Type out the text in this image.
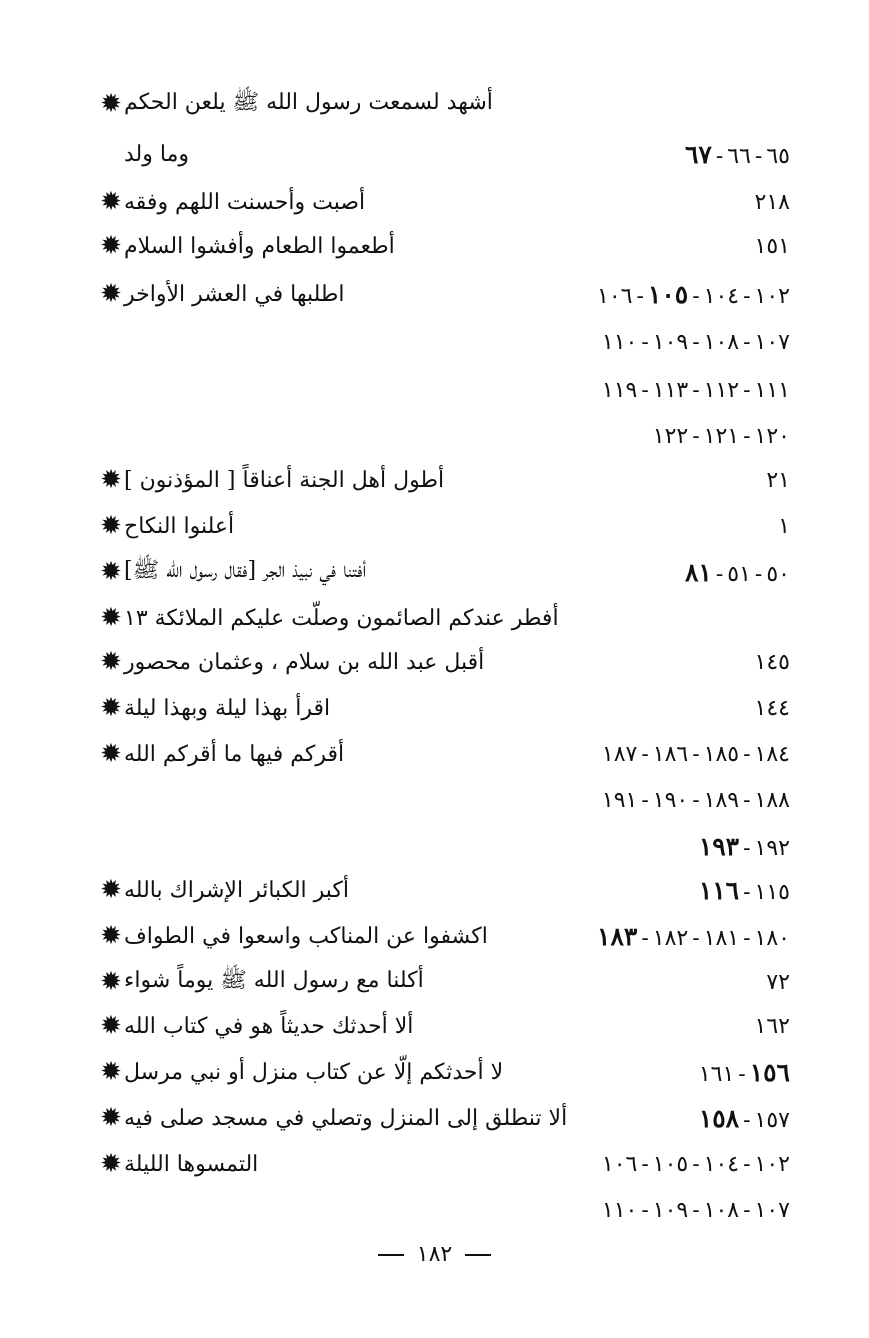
١٨٢
✹ أشهد لسمعت رسول الله ﷺ يلعن الحكم
وما ولد	٦٥-٦٦-٦٧
✹ أصبت وأحسنت اللهم وفقه	٢١٨
✹ أطعموا الطعام وأفشوا السلام	١٥١
✹ اطلبها في العشر الأواخر	١٠٢-١٠٤-١٠٥-١٠٦
١٠٧-١٠٨-١٠٩-١١٠
١١١-١١٢-١١٣-١١٩
١٢٠-١٢١-١٢٢
✹ أطول أهل الجنة أعناقاً [ المؤذنون ]	٢١
✹ أعلنوا النكاح	١
✹ أفتنا في نبيذ الجر [فقال رسول الله ﷺ]	٥٠-٥١-٨١
✹ أفطر عندكم الصائمون وصلّت عليكم الملائكة ١٣
✹ أقبل عبد الله بن سلام ، وعثمان محصور	١٤٥
✹ اقرأ بهذا ليلة وبهذا ليلة	١٤٤
✹ أقركم فيها ما أقركم الله	١٨٤-١٨٥-١٨٦-١٨٧
١٨٨-١٨٩-١٩٠-١٩١
١٩٢-١٩٣
✹ أكبر الكبائر الإشراك بالله	١١٥-١١٦
✹ اكشفوا عن المناكب واسعوا في الطواف	١٨٠-١٨١-١٨٢-١٨٣
✹ أكلنا مع رسول الله ﷺ يوماً شواء	٧٢
✹ ألا أحدثك حديثاً هو في كتاب الله	١٦٢
✹ لا أحدثكم إلّا عن كتاب منزل أو نبي مرسل	١٥٦-١٦١
✹ ألا تنطلق إلى المنزل وتصلي في مسجد صلى فيه	١٥٧-١٥٨
✹ التمسوها الليلة	١٠٢-١٠٤-١٠٥-١٠٦
١٠٧-١٠٨-١٠٩-١١٠
